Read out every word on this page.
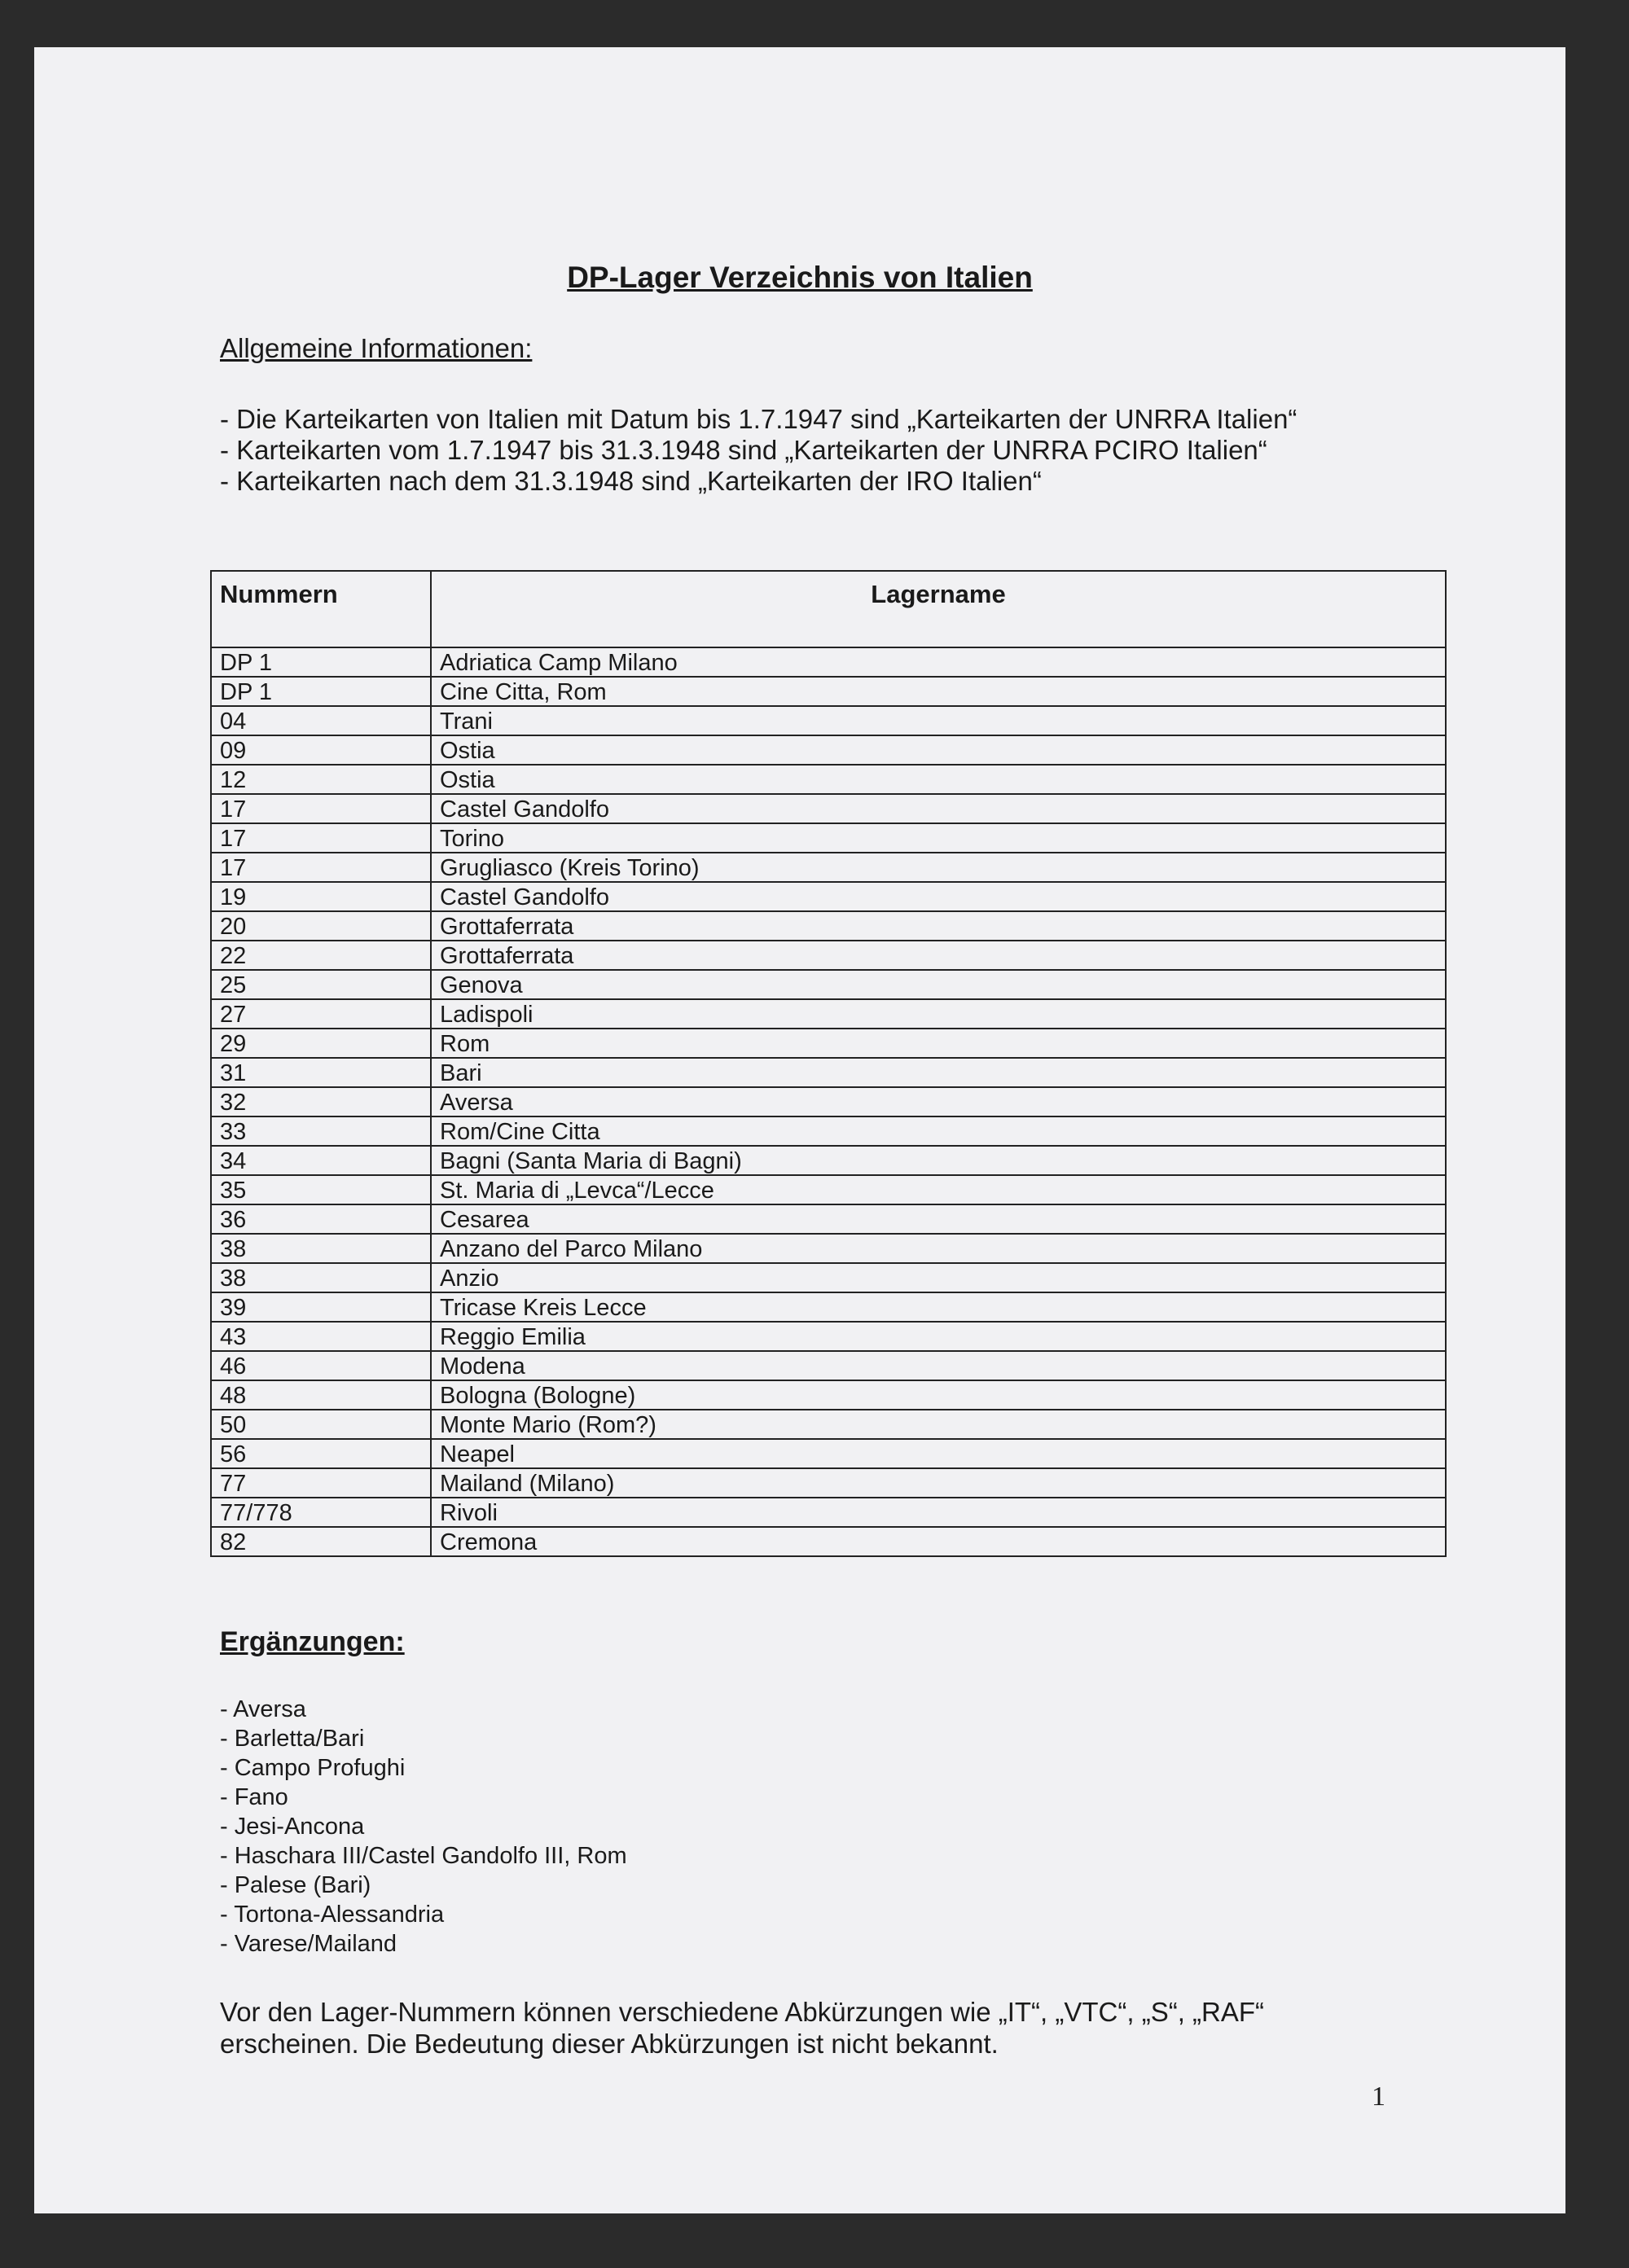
DP-Lager Verzeichnis von Italien
Allgemeine Informationen:
- Die Karteikarten von Italien mit Datum bis 1.7.1947 sind „Karteikarten der UNRRA Italien“
- Karteikarten vom 1.7.1947 bis 31.3.1948 sind „Karteikarten der UNRRA PCIRO Italien“
- Karteikarten nach dem 31.3.1948 sind „Karteikarten der IRO Italien“
Nummern	Lagername
DP 1	Adriatica Camp Milano
DP 1	Cine Citta, Rom
04	Trani
09	Ostia
12	Ostia
17	Castel Gandolfo
17	Torino
17	Grugliasco (Kreis Torino)
19	Castel Gandolfo
20	Grottaferrata
22	Grottaferrata
25	Genova
27	Ladispoli
29	Rom
31	Bari
32	Aversa
33	Rom/Cine Citta
34	Bagni (Santa Maria di Bagni)
35	St. Maria di „Levca“/Lecce
36	Cesarea
38	Anzano del Parco Milano
38	Anzio
39	Tricase Kreis Lecce
43	Reggio Emilia
46	Modena
48	Bologna (Bologne)
50	Monte Mario (Rom?)
56	Neapel
77	Mailand (Milano)
77/778	Rivoli
82	Cremona
Ergänzungen:
- Aversa
- Barletta/Bari
- Campo Profughi
- Fano
- Jesi-Ancona
- Haschara III/Castel Gandolfo III, Rom
- Palese (Bari)
- Tortona-Alessandria
- Varese/Mailand
Vor den Lager-Nummern können verschiedene Abkürzungen wie „IT“, „VTC“, „S“, „RAF“
erscheinen. Die Bedeutung dieser Abkürzungen ist nicht bekannt.
1
